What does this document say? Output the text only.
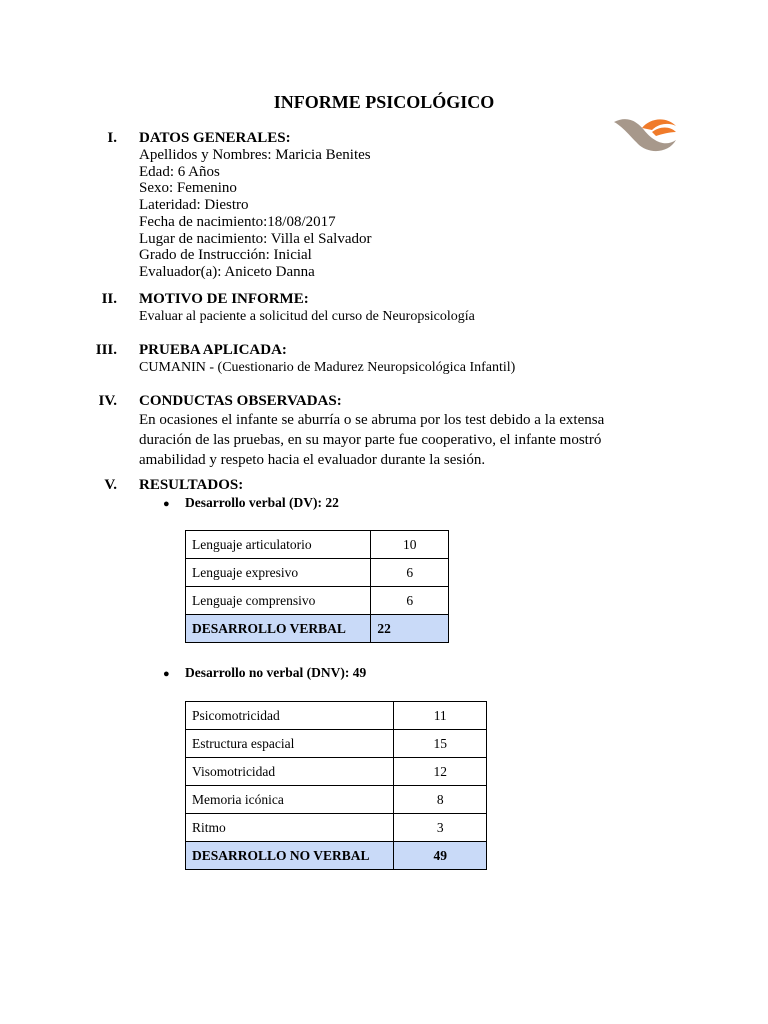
INFORME PSICOLÓGICO
I. DATOS GENERALES:
Apellidos y Nombres: Maricia Benites
Edad: 6 Años
Sexo: Femenino
Lateridad: Diestro
Fecha de nacimiento:18/08/2017
Lugar de nacimiento: Villa el Salvador
Grado de Instrucción: Inicial
Evaluador(a): Aniceto Danna
II. MOTIVO DE INFORME:
Evaluar al paciente a solicitud del curso de Neuropsicología
III. PRUEBA APLICADA:
CUMANIN - (Cuestionario de Madurez Neuropsicológica Infantil)
IV. CONDUCTAS OBSERVADAS:
En ocasiones el infante se aburría o se abruma por los test debido a la extensa duración de las pruebas, en su mayor parte fue cooperativo, el infante mostró amabilidad y respeto hacia el evaluador durante la sesión.
V. RESULTADOS:
● Desarrollo verbal (DV): 22
Lenguaje articulatorio	10
Lenguaje expresivo	6
Lenguaje comprensivo	6
DESARROLLO VERBAL	22
● Desarrollo no verbal (DNV): 49
Psicomotricidad	11
Estructura espacial	15
Visomotricidad	12
Memoria icónica	8
Ritmo	3
DESARROLLO NO VERBAL	49
